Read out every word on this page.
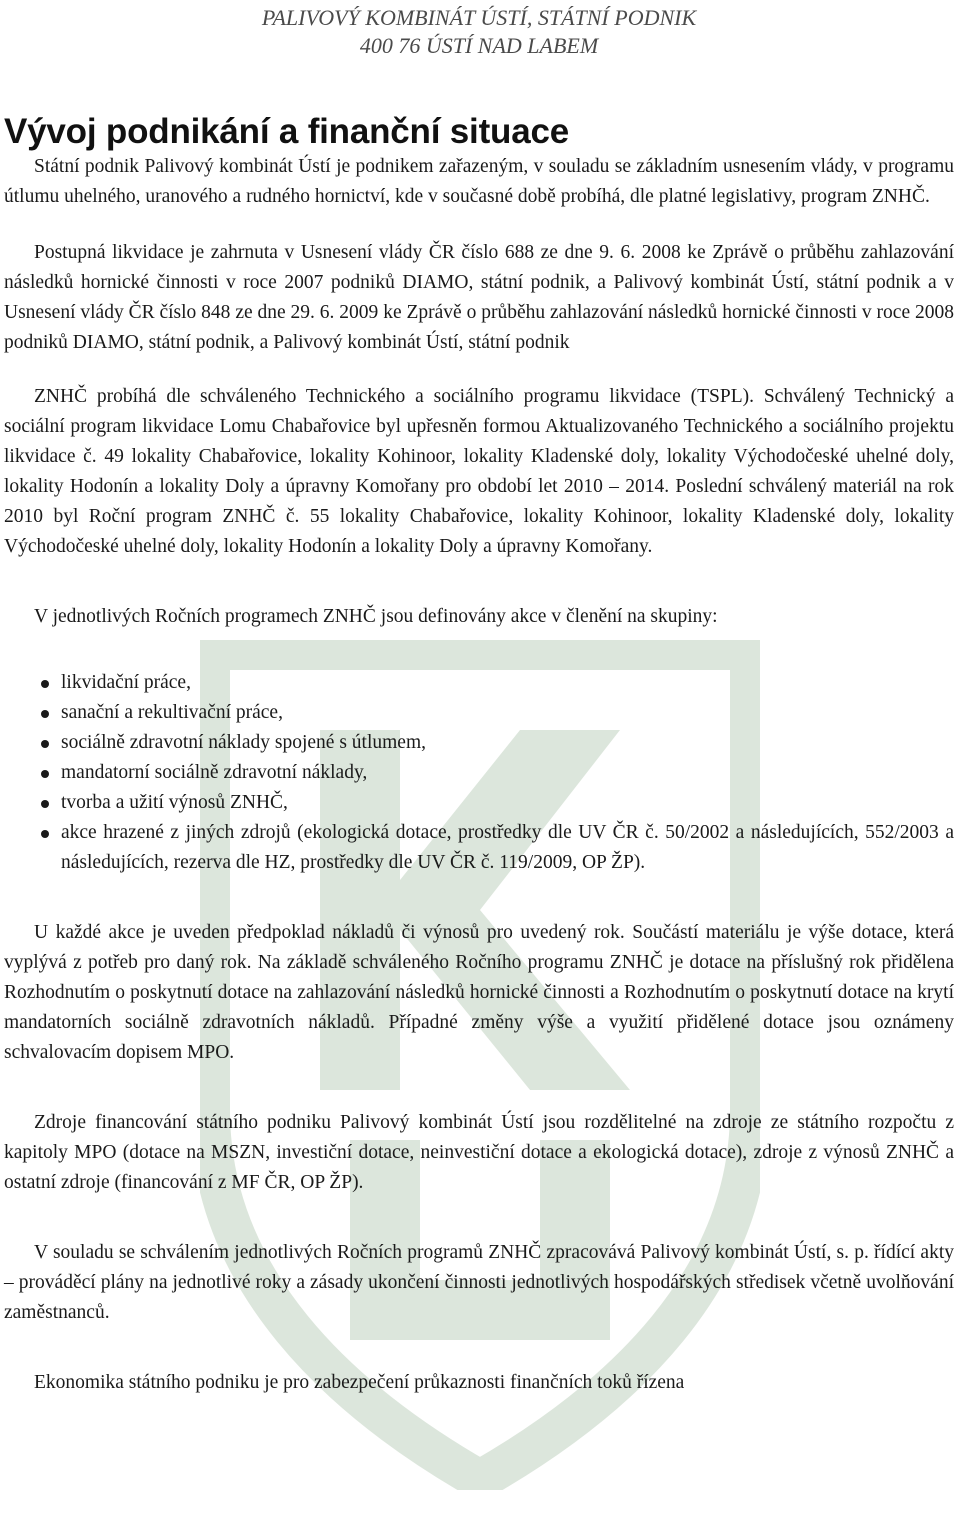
PALIVOVÝ KOMBINÁT ÚSTÍ, STÁTNÍ PODNIK
400 76 ÚSTÍ NAD LABEM
Vývoj podnikání a finanční situace

Státní podnik Palivový kombinát Ústí je podnikem zařazeným, v souladu se základním usnesením vlády, v programu útlumu uhelného, uranového a rudného hornictví, kde v současné době probíhá, dle platné legislativy, program ZNHČ.

Postupná likvidace je zahrnuta v Usnesení vlády ČR číslo 688 ze dne 9. 6. 2008 ke Zprávě o průběhu zahlazování následků hornické činnosti v roce 2007 podniků DIAMO, státní podnik, a Palivový kombinát Ústí, státní podnik a v Usnesení vlády ČR číslo 848 ze dne 29. 6. 2009 ke Zprávě o průběhu zahlazování následků hornické činnosti v roce 2008 podniků DIAMO, státní podnik, a Palivový kombinát Ústí, státní podnik

ZNHČ probíhá dle schváleného Technického a sociálního programu likvidace (TSPL). Schválený Technický a sociální program likvidace Lomu Chabařovice byl upřesněn formou Aktualizovaného Technického a sociálního projektu likvidace č. 49 lokality Chabařovice, lokality Kohinoor, lokality Kladenské doly, lokality Východočeské uhelné doly, lokality Hodonín a lokality Doly a úpravny Komořany pro období let 2010 – 2014. Poslední schválený materiál na rok 2010 byl Roční program ZNHČ č. 55 lokality Chabařovice, lokality Kohinoor, lokality Kladenské doly, lokality Východočeské uhelné doly, lokality Hodonín a lokality Doly a úpravny Komořany.

V jednotlivých Ročních programech ZNHČ jsou definovány akce v členění na skupiny:

likvidační práce,
sanační a rekultivační práce,
sociálně zdravotní náklady spojené s útlumem,
mandatorní sociálně zdravotní náklady,
tvorba a užití výnosů ZNHČ,
akce hrazené z jiných zdrojů (ekologická dotace, prostředky dle UV ČR č. 50/2002 a následujících, 552/2003 a následujících, rezerva dle HZ, prostředky dle UV ČR č. 119/2009, OP ŽP).

U každé akce je uveden předpoklad nákladů či výnosů pro uvedený rok. Součástí materiálu je výše dotace, která vyplývá z potřeb pro daný rok. Na základě schváleného Ročního programu ZNHČ je dotace na příslušný rok přidělena Rozhodnutím o poskytnutí dotace na zahlazování následků hornické činnosti a Rozhodnutím o poskytnutí dotace na krytí mandatorních sociálně zdravotních nákladů. Případné změny výše a využití přidělené dotace jsou oznámeny schvalovacím dopisem MPO.

Zdroje financování státního podniku Palivový kombinát Ústí jsou rozdělitelné na zdroje ze státního rozpočtu z kapitoly MPO (dotace na MSZN, investiční dotace, neinvestiční dotace a ekologická dotace), zdroje z výnosů ZNHČ a ostatní zdroje (financování z MF ČR, OP ŽP).

V souladu se schválením jednotlivých Ročních programů ZNHČ zpracovává Palivový kombinát Ústí, s. p. řídící akty – prováděcí plány na jednotlivé roky a zásady ukončení činnosti jednotlivých hospodářských středisek včetně uvolňování zaměstnanců.

Ekonomika státního podniku je pro zabezpečení průkaznosti finančních toků řízena
